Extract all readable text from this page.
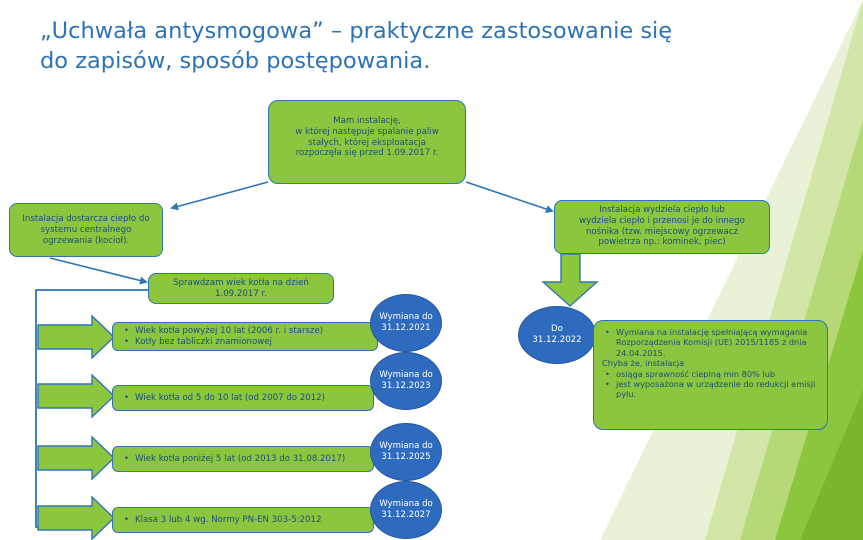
„Uchwała antysmogowa” – praktyczne zastosowanie się
do zapisów, sposób postępowania.
Mam instalację,
w której następuje spalanie paliw
stałych, której eksploatacja
rozpoczęła się przed 1.09.2017 r.
Instalacja dostarcza ciepło do
systemu centralnego
ogrzewania (kocioł).
Instalacja wydziela ciepło lub
wydziela ciepło i przenosi je do innego
nośnika (tzw. miejscowy ogrzewacz
powietrza np.: kominek, piec)
Sprawdzam wiek kotła na dzień
1.09.2017 r.
• Wiek kotła powyżej 10 lat (2006 r. i starsze)
• Kotły bez tabliczki znamionowej
Wymiana do
31.12.2021
• Wiek kotła od 5 do 10 lat (od 2007 do 2012)
Wymiana do
31.12.2023
• Wiek kotła poniżej 5 lat (od 2013 do 31.08.2017)
Wymiana do
31.12.2025
• Klasa 3 lub 4 wg. Normy PN-EN 303-5:2012
Wymiana do
31.12.2027
Do
31.12.2022
• Wymiana na instalację spełniającą wymagania Rozporządzenia Komisji (UE) 2015/1185 z dnia 24.04.2015.
Chyba że, instalacja
• osiąga sprawność cieplną min 80% lub
• jest wyposażona w urządzenie do redukcji emisji pyłu.
